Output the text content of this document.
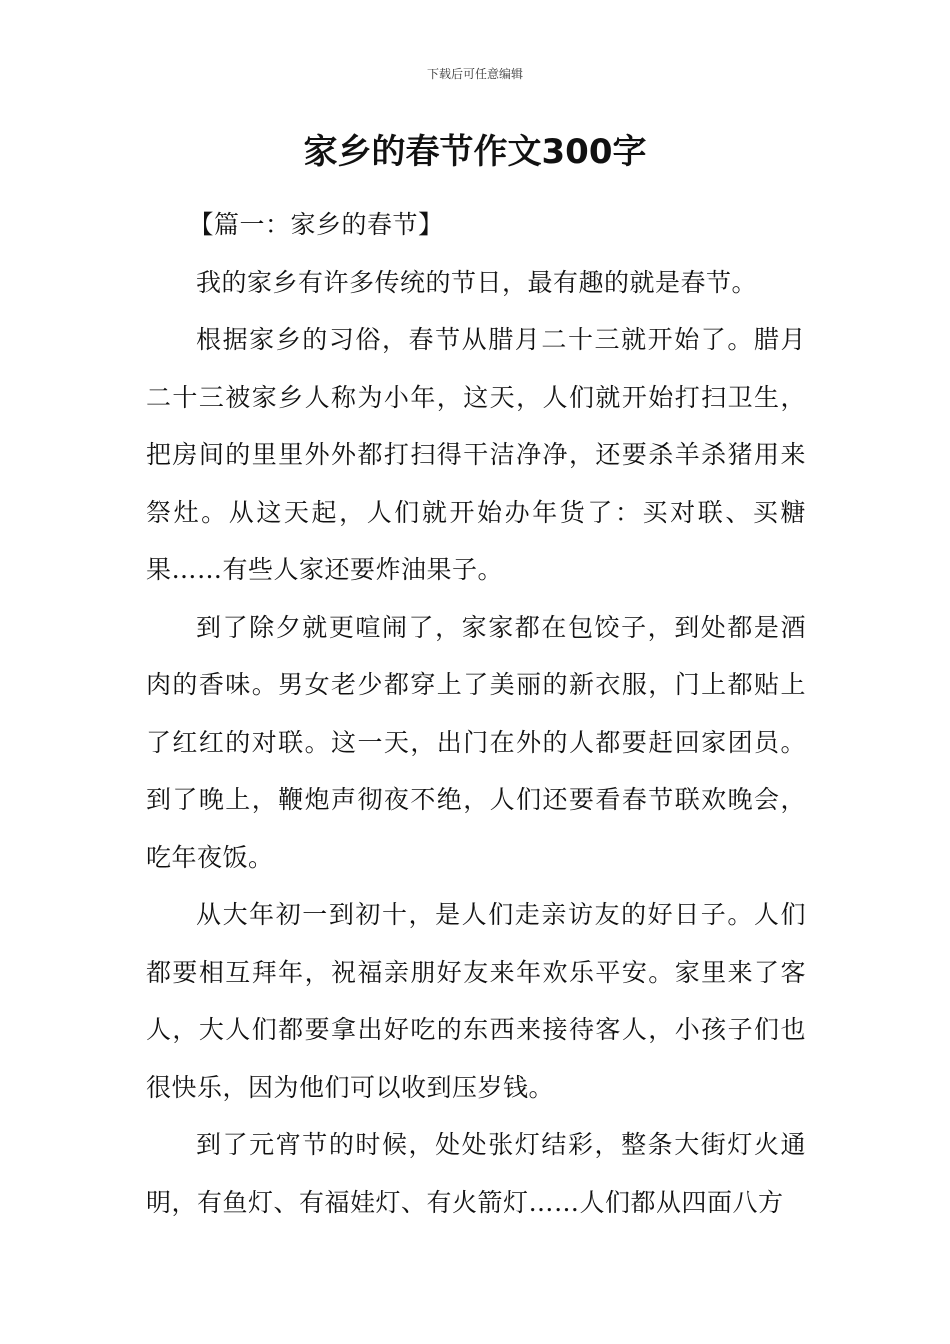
下载后可任意编辑
家乡的春节作文300字

【篇一：家乡的春节】

我的家乡有许多传统的节日，最有趣的就是春节。

根据家乡的习俗，春节从腊月二十三就开始了。腊月二十三被家乡人称为小年，这天，人们就开始打扫卫生，把房间的里里外外都打扫得干洁净净，还要杀羊杀猪用来祭灶。从这天起，人们就开始办年货了：买对联、买糖果……有些人家还要炸油果子。

到了除夕就更喧闹了，家家都在包饺子，到处都是酒肉的香味。男女老少都穿上了美丽的新衣服，门上都贴上了红红的对联。这一天，出门在外的人都要赶回家团员。到了晚上，鞭炮声彻夜不绝，人们还要看春节联欢晚会，吃年夜饭。

从大年初一到初十，是人们走亲访友的好日子。人们都要相互拜年，祝福亲朋好友来年欢乐平安。家里来了客人，大人们都要拿出好吃的东西来接待客人，小孩子们也很快乐，因为他们可以收到压岁钱。

到了元宵节的时候，处处张灯结彩，整条大街灯火通明，有鱼灯、有福娃灯、有火箭灯……人们都从四面八方
